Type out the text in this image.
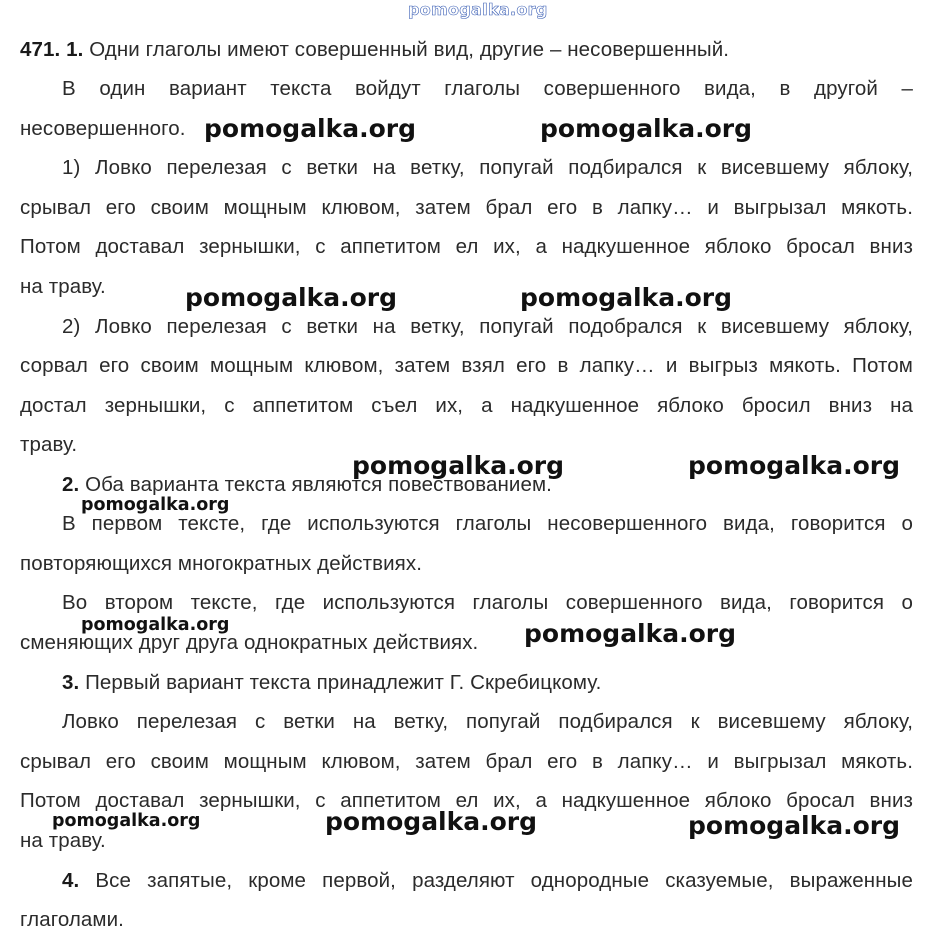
pomogalka.org
471. 1. Одни глаголы имеют совершенный вид, другие – несовершенный.
В один вариант текста войдут глаголы совершенного вида, в другой –
несовершенного.
1) Ловко перелезая с ветки на ветку, попугай подбирался к висевшему яблоку,
срывал его своим мощным клювом, затем брал его в лапку… и выгрызал мякоть.
Потом доставал зернышки, с аппетитом ел их, а надкушенное яблоко бросал вниз
на траву.
2) Ловко перелезая с ветки на ветку, попугай подобрался к висевшему яблоку,
сорвал его своим мощным клювом, затем взял его в лапку… и выгрыз мякоть. Потом
достал зернышки, с аппетитом съел их, а надкушенное яблоко бросил вниз на
траву.
2. Оба варианта текста являются повествованием.
В первом тексте, где используются глаголы несовершенного вида, говорится о
повторяющихся многократных действиях.
Во втором тексте, где используются глаголы совершенного вида, говорится о
сменяющих друг друга однократных действиях.
3. Первый вариант текста принадлежит Г. Скребицкому.
Ловко перелезая с ветки на ветку, попугай подбирался к висевшему яблоку,
срывал его своим мощным клювом, затем брал его в лапку… и выгрызал мякоть.
Потом доставал зернышки, с аппетитом ел их, а надкушенное яблоко бросал вниз
на траву.
4. Все запятые, кроме первой, разделяют однородные сказуемые, выраженные
глаголами.
pomogalka.org	pomogalka.org
pomogalka.org	pomogalka.org
pomogalka.org	pomogalka.org
pomogalka.org
pomogalka.org	pomogalka.org
pomogalka.org	pomogalka.org	pomogalka.org
